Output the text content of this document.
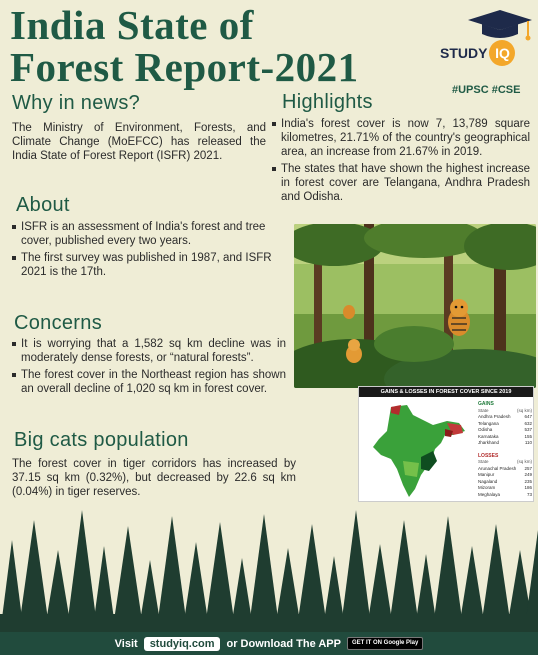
India State of
Forest Report-2021	STUDY IQ
#UPSC #CSE
Why in news?
The Ministry of Environment, Forests, and Climate Change (MoEFCC) has released the India State of Forest Report (ISFR) 2021.
About
ISFR is an assessment of India's forest and tree cover, published every two years.
The first survey was published in 1987, and ISFR 2021 is the 17th.
Concerns
It is worrying that a 1,582 sq km decline was in moderately dense forests, or “natural forests”.
The forest cover in the Northeast region has shown an overall decline of 1,020 sq km in forest cover.
Big cats population
The forest cover in tiger corridors has increased by 37.15 sq km (0.32%), but decreased by 22.6 sq km (0.04%) in tiger reserves.
Highlights
India's forest cover is now 7, 13,789 square kilometres, 21.71% of the country's geographical area, an increase from 21.67% in 2019.
The states that have shown the highest increase in forest cover are Telangana, Andhra Pradesh and Odisha.
GAINS & LOSSES IN FOREST COVER SINCE 2019
GAINS
State	(sq km)
Andhra Pradesh	647
Telangana	632
Odisha	537
Karnataka	155
Jharkhand	110
LOSSES
State	(sq km)
Arunachal Pradesh 257
Manipur	249
Nagaland	235
Mizoram	186
Meghalaya	73
Visit	studyiq.com	or Download The APP	GET IT ON Google Play
